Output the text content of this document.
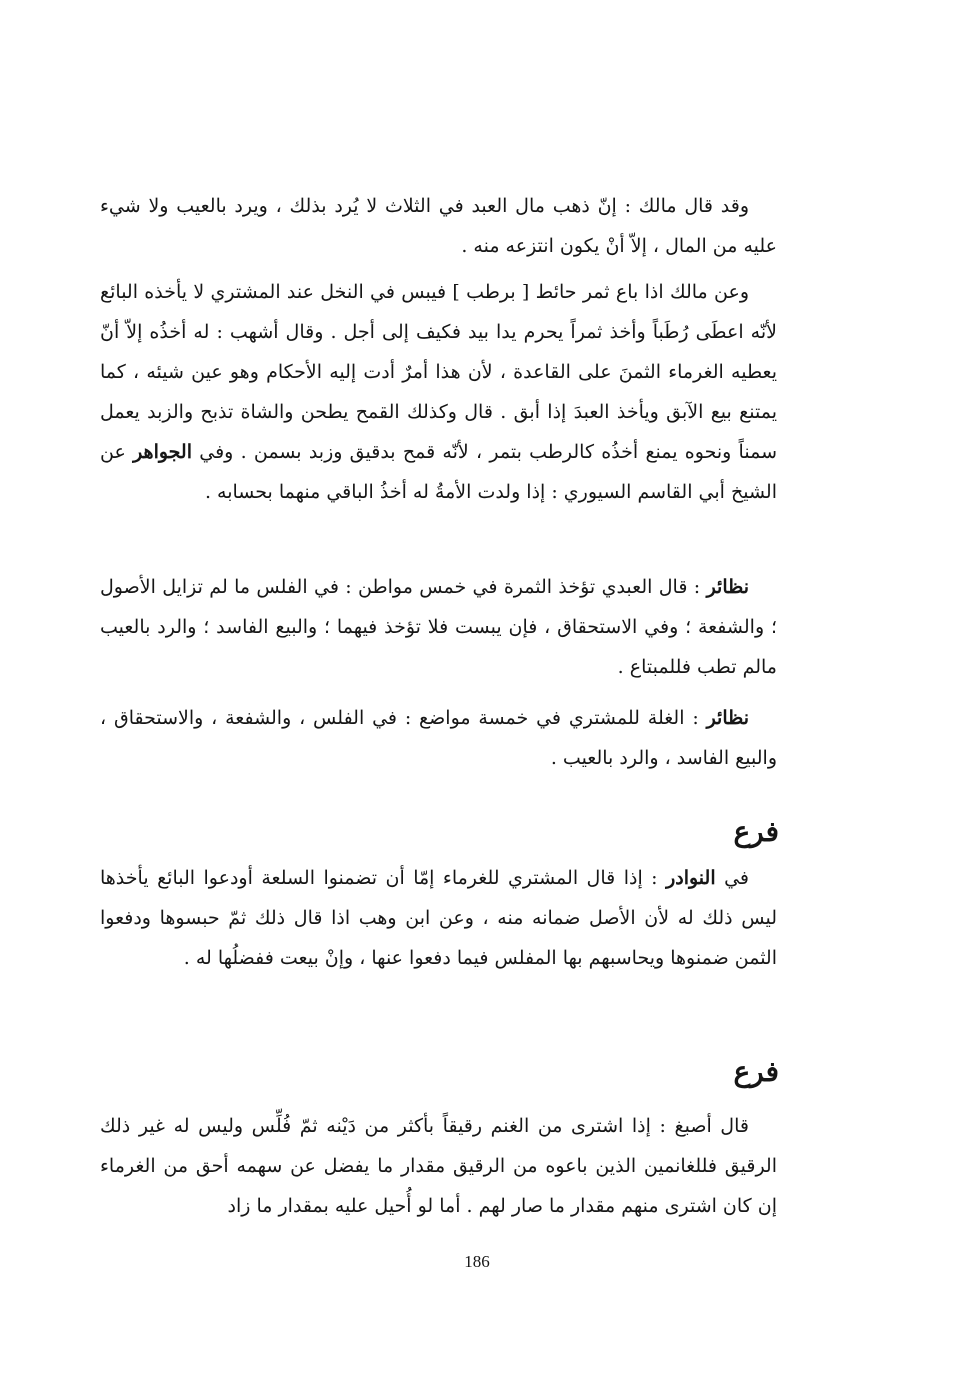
وقد قال مالك : إنّ ذهب مال العبد في الثلاث لا يُرد بذلك ، ويرد بالعيب ولا شيء عليه من المال ، إلاّ أنْ يكون انتزعه منه .

وعن مالك اذا باع ثمر حائط [ برطب ] فيبس في النخل عند المشتري لا يأخذه البائع لأنّه اعطَى رُطَباً وأخذ ثمراً يحرم يدا بيد فكيف إلى أجل . وقال أشهب : له أخذُه إلاّ أنّ يعطيه الغرماء الثمنَ على القاعدة ، لأن هذا أمرٌ أدت إليه الأحكام وهو عين شيئه ، كما يمتنع بيع الآبق ويأخذ العبدَ إذا أبق . قال وكذلك القمح يطحن والشاة تذبح والزبد يعمل سمناً ونحوه يمنع أخذُه كالرطب بتمر ، لأنّه قمح بدقيق وزبد بسمن . وفي الجواهر عن الشيخ أبي القاسم السيوري : إذا ولدت الأمةُ له أخذُ الباقي منهما بحسابه .

نظائر : قال العبدي تؤخذ الثمرة في خمس مواطن : في الفلس ما لم تزايل الأصول ؛ والشفعة ؛ وفي الاستحقاق ، فإن يبست فلا تؤخذ فيهما ؛ والبيع الفاسد ؛ والرد بالعيب مالم تطب فللمبتاع .

نظائر : الغلة للمشتري في خمسة مواضع : في الفلس ، والشفعة ، والاستحقاق ، والبيع الفاسد ، والرد بالعيب .

فرع

في النوادر : إذا قال المشتري للغرماء إمّا أن تضمنوا السلعة أودعوا البائع يأخذها ليس ذلك له لأن الأصل ضمانه منه ، وعن ابن وهب اذا قال ذلك ثمّ حبسوها ودفعوا الثمن ضمنوها ويحاسبهم بها المفلس فيما دفعوا عنها ، وإنْ بيعت ففضلُها له .

فرع

قال أصبغ : إذا اشترى من الغنم رقيقاً بأكثر من دَيْنه ثمّ فُلِّس وليس له غير ذلك الرقيق فللغانمين الذين باعوه من الرقيق مقدار ما يفضل عن سهمه أحق من الغرماء إن كان اشترى منهم مقدار ما صار لهم . أما لو أُحيل عليه بمقدار ما زاد

186
